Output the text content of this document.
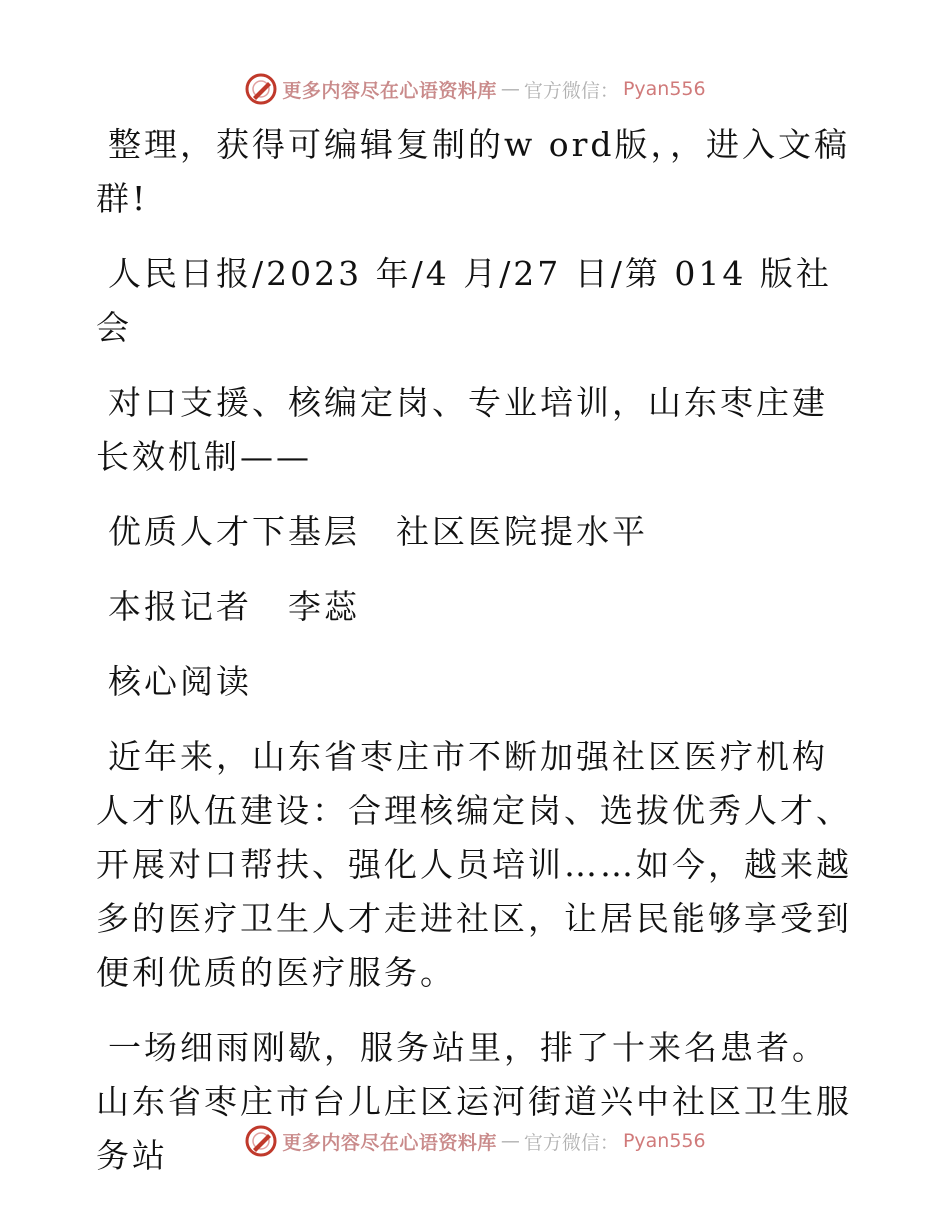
更多内容尽在心语资料库 — 官方微信： Pyan556

整理，获得可编辑复制的w ord版，，进入文稿群!

人民日报/2023 年/4 月/27 日/第 014 版社会

对口支援、核编定岗、专业培训，山东枣庄建长效机制——

优质人才下基层　社区医院提水平

本报记者　李蕊

核心阅读

近年来，山东省枣庄市不断加强社区医疗机构人才队伍建设：合理核编定岗、选拔优秀人才、开展对口帮扶、强化人员培训……如今，越来越多的医疗卫生人才走进社区，让居民能够享受到便利优质的医疗服务。

一场细雨刚歇，服务站里，排了十来名患者。山东省枣庄市台儿庄区运河街道兴中社区卫生服务站	更多内容尽在心语资料库 — 官方微信： Pyan556
